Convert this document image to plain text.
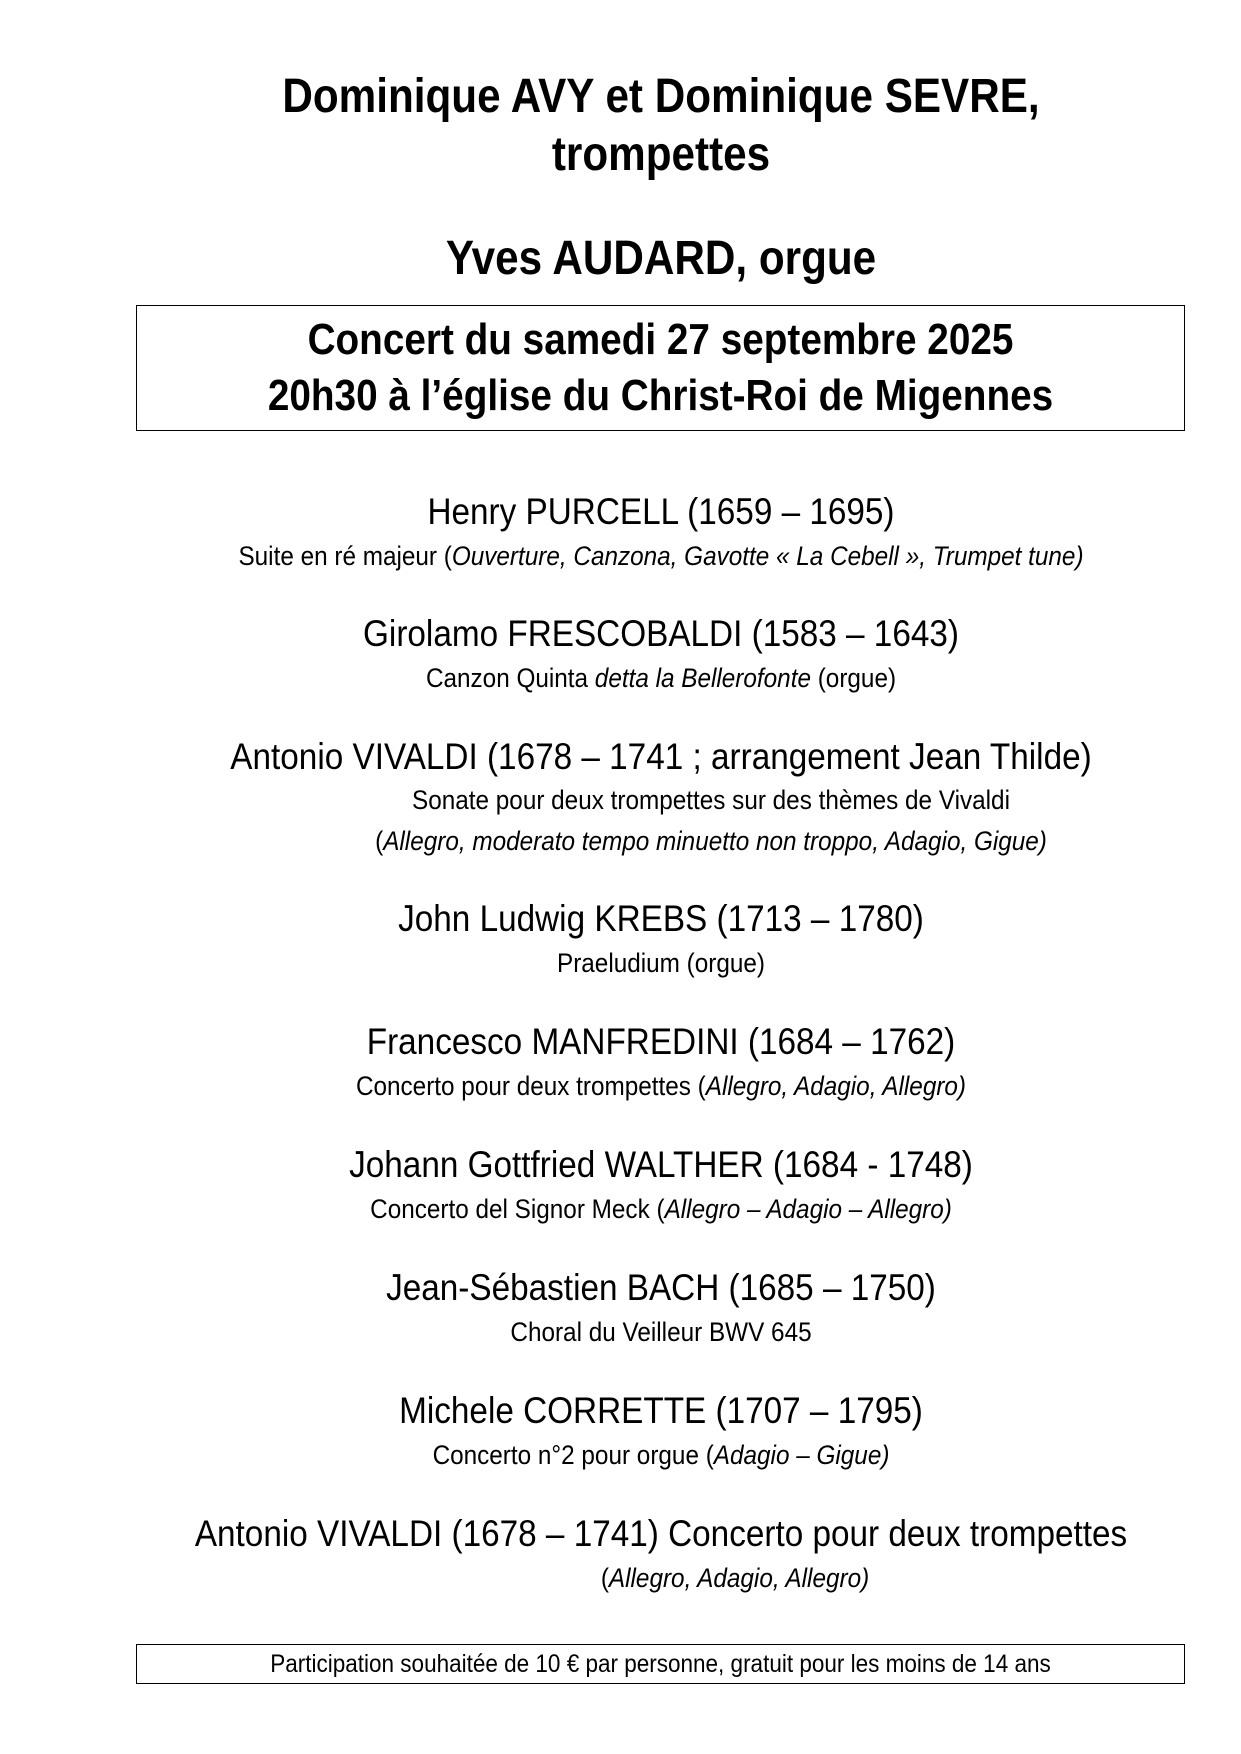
Dominique AVY et Dominique SEVRE,
trompettes
Yves AUDARD, orgue
Concert du samedi 27 septembre 2025
20h30 à l’église du Christ-Roi de Migennes
Henry PURCELL (1659 – 1695)
Suite en ré majeur (Ouverture, Canzona, Gavotte « La Cebell », Trumpet tune)
Girolamo FRESCOBALDI (1583 – 1643)
Canzon Quinta detta la Bellerofonte (orgue)
Antonio VIVALDI (1678 – 1741 ; arrangement Jean Thilde)
Sonate pour deux trompettes sur des thèmes de Vivaldi
(Allegro, moderato tempo minuetto non troppo, Adagio, Gigue)
John Ludwig KREBS (1713 – 1780)
Praeludium (orgue)
Francesco MANFREDINI (1684 – 1762)
Concerto pour deux trompettes (Allegro, Adagio, Allegro)
Johann Gottfried WALTHER (1684 - 1748)
Concerto del Signor Meck (Allegro – Adagio – Allegro)
Jean-Sébastien BACH (1685 – 1750)
Choral du Veilleur BWV 645
Michele CORRETTE (1707 – 1795)
Concerto n°2 pour orgue (Adagio – Gigue)
Antonio VIVALDI (1678 – 1741) Concerto pour deux trompettes
(Allegro, Adagio, Allegro)
Participation souhaitée de 10 € par personne, gratuit pour les moins de 14 ans
